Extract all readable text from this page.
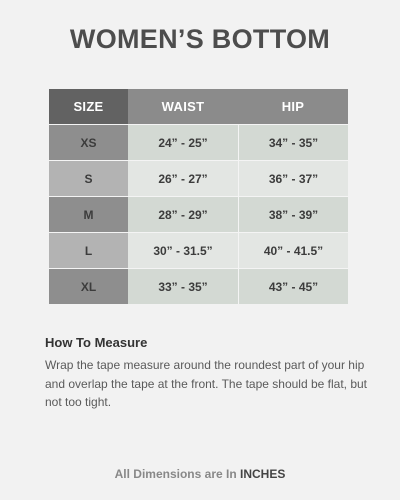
WOMEN’S BOTTOM
SIZE	WAIST	HIP
XS	24” - 25”	34” - 35”
S	26” - 27”	36” - 37”
M	28” - 29”	38” - 39”
L	30” - 31.5”	40” - 41.5”
XL	33” - 35”	43” - 45”
How To Measure
Wrap the tape measure around the roundest part of your hip and overlap the tape at the front. The tape should be flat, but not too tight.
All Dimensions are In INCHES
